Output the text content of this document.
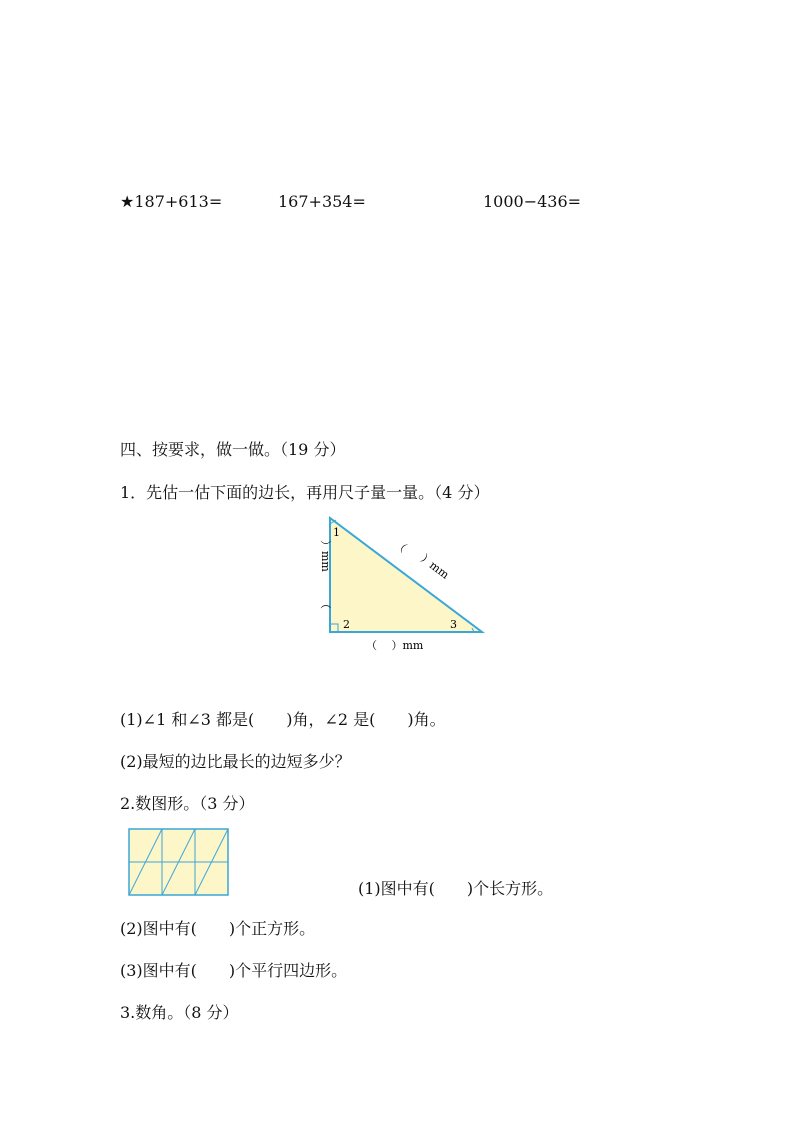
★187+613=	167+354=	1000−436=
四、按要求，做一做。（19 分）
1．先估一估下面的边长，再用尺子量一量。（4 分）
1
2	3
）mm
（
（
）mm
（　 ）mm
(1)∠1 和∠3 都是(　　)角，∠2 是(　　)角。
(2)最短的边比最长的边短多少？
2.数图形。（3 分）
(1)图中有(　　)个长方形。
(2)图中有(　　)个正方形。
(3)图中有(　　)个平行四边形。
3.数角。（8 分）
